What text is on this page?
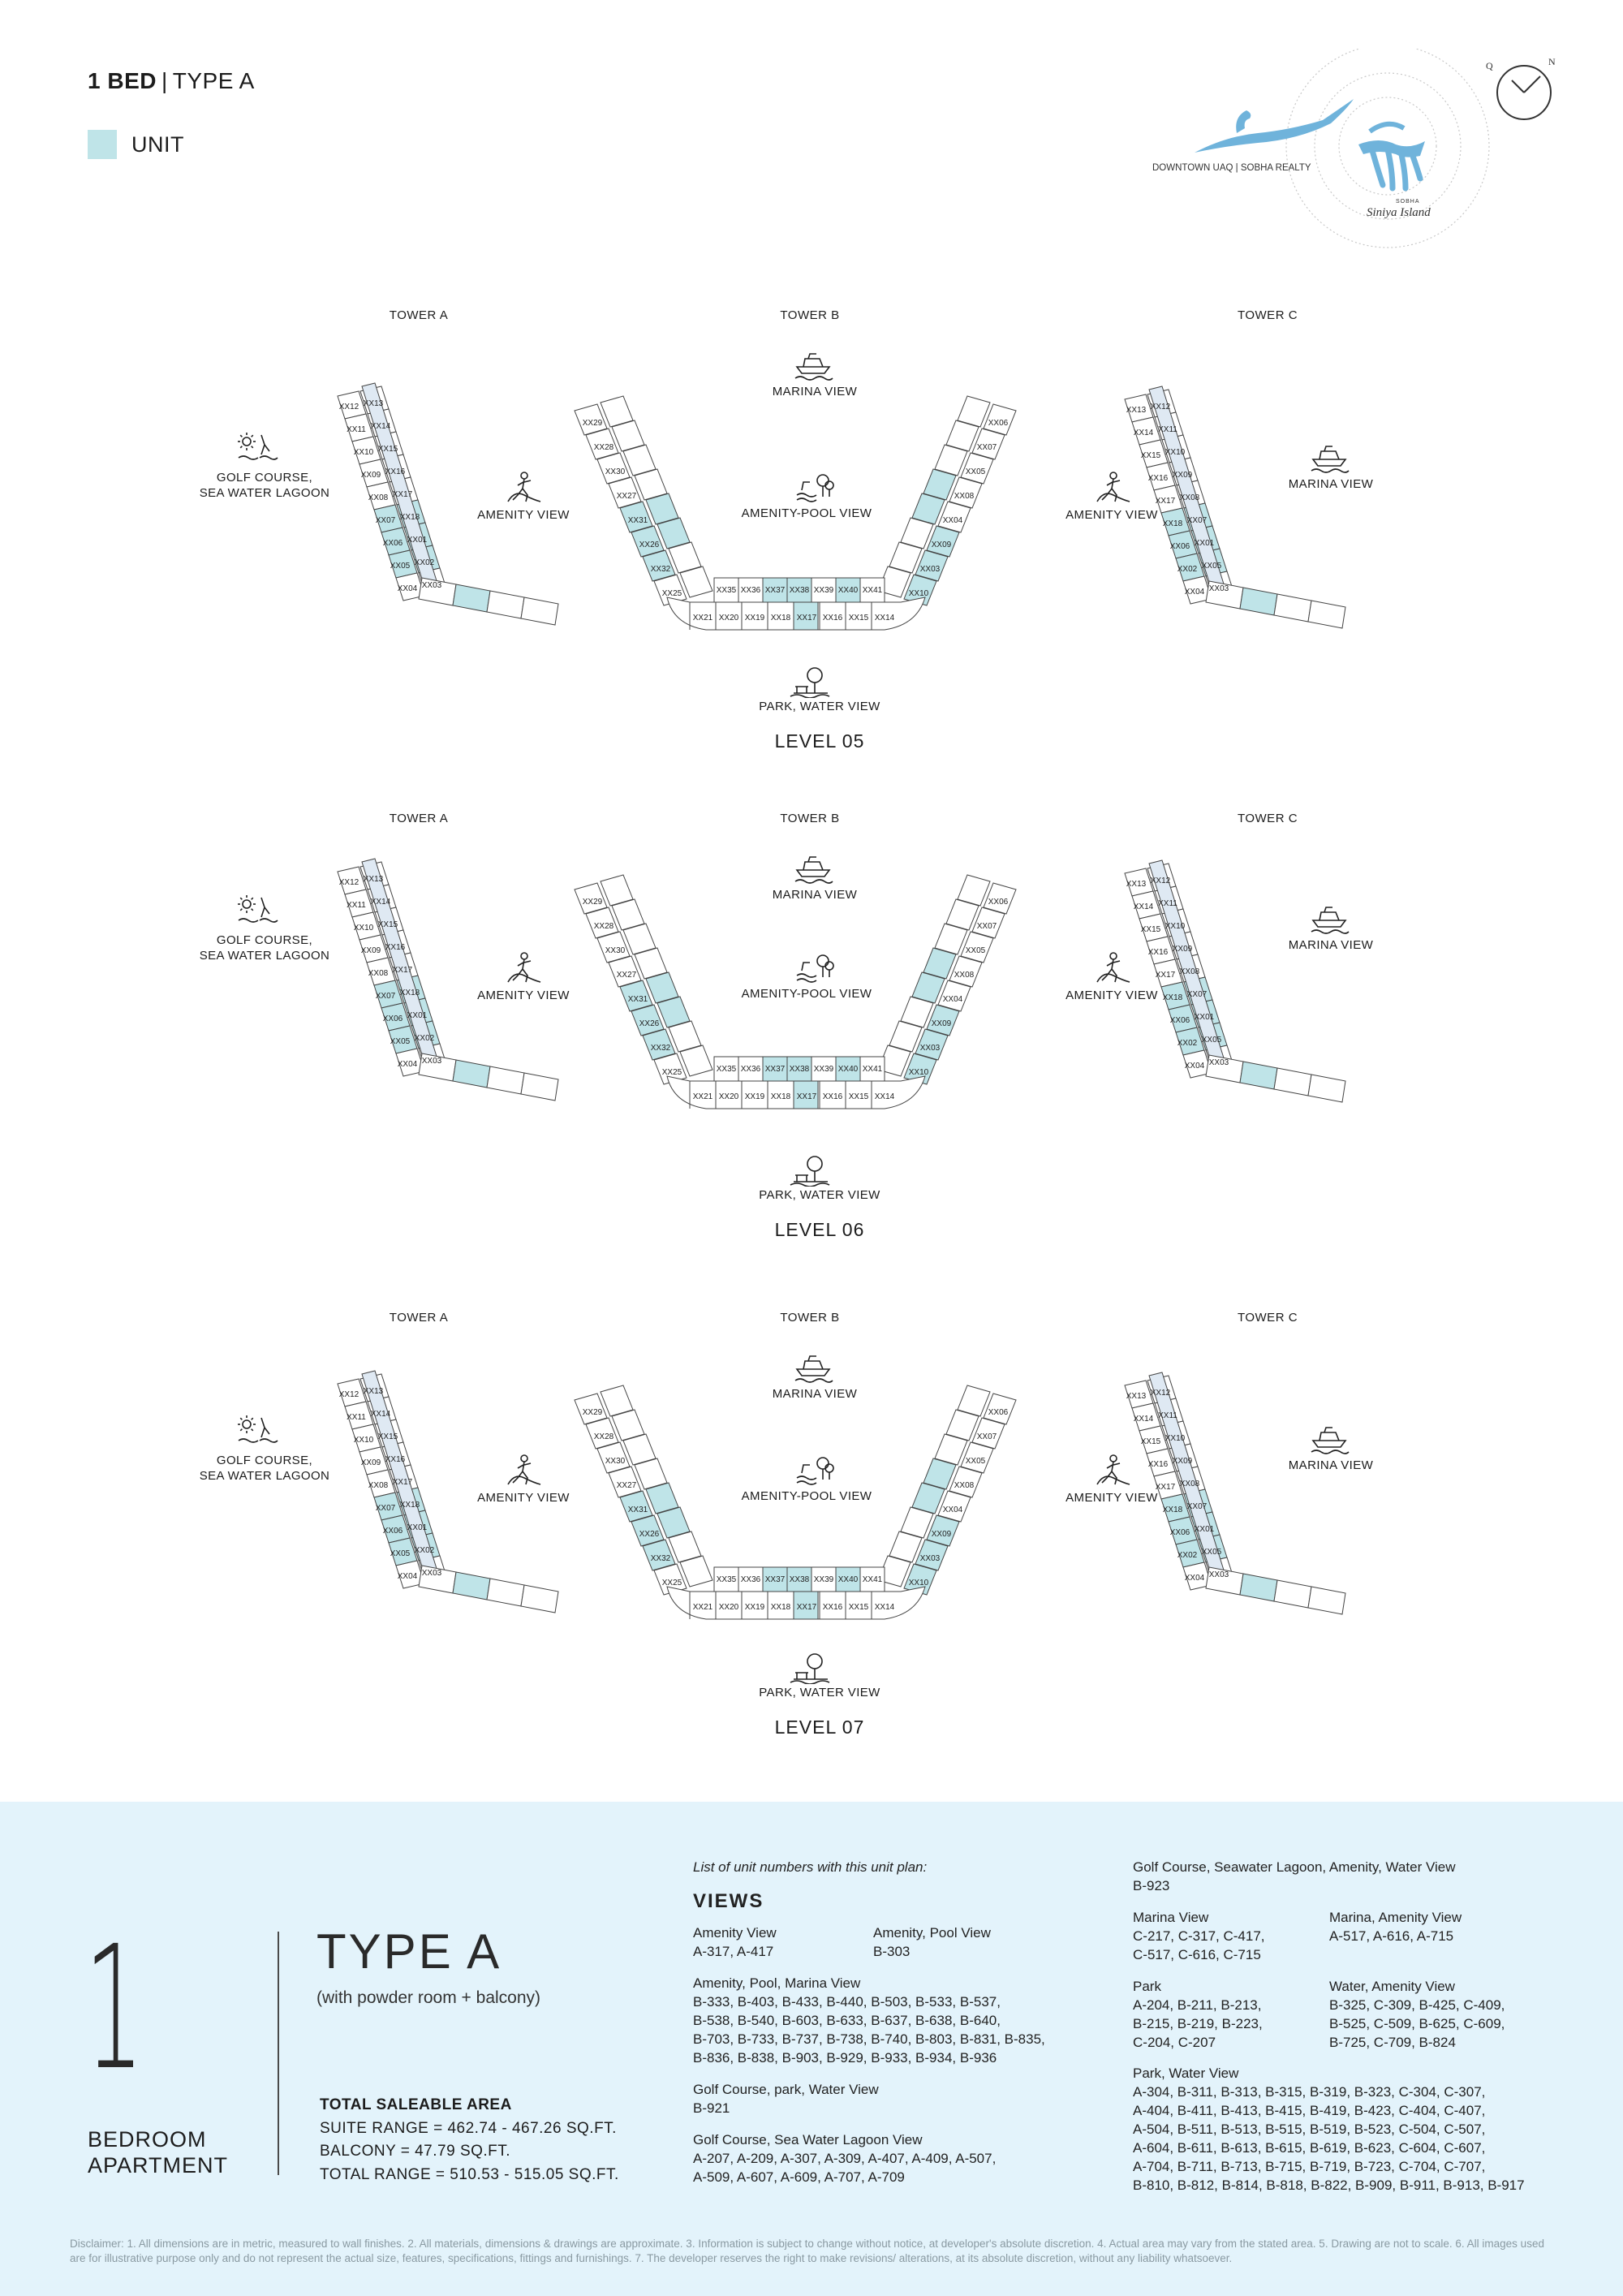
1 BED | TYPE A
UNIT
DOWNTOWN UAQ | SOBHA REALTY
SOBHA
Siniya Island
Q	N
TOWER A	TOWER B	TOWER C
XX12 XX13
XX11 XX14
XX10 XX15
XX09 XX16
XX08 XX17
XX07 XX18
XX06 XX01
XX05 XX02
XX04 XX03
XX29
XX28
XX30
XX27
XX31
XX26
XX32
XX25	XX35 XX36 XX37 XX38 XX39 XX40 XX41
XX21 XX20 XX19 XX18 XX17 XX16 XX15 XX14
XX06
XX07
XX05
XX08
XX04
XX09
XX03
XX10
XX13 XX12
XX14 XX11
XX15 XX10
XX16 XX09
XX17 XX08
XX18 XX07
XX06 XX01
XX02 XX05
XX04 XX03
GOLF COURSE,
SEA WATER LAGOON
AMENITY VIEW
MARINA VIEW
AMENITY-POOL VIEW	AMENITY VIEW
MARINA VIEW
PARK, WATER VIEW
LEVEL 05
TOWER A	TOWER B	TOWER C
XX12 XX13
XX11 XX14
XX10 XX15
XX09 XX16
XX08 XX17
XX07 XX18
XX06 XX01
XX05 XX02
XX04 XX03
XX29
XX28
XX30
XX27
XX31
XX26
XX32
XX25	XX35 XX36 XX37 XX38 XX39 XX40 XX41
XX21 XX20 XX19 XX18 XX17 XX16 XX15 XX14
XX06
XX07
XX05
XX08
XX04
XX09
XX03
XX10
XX13 XX12
XX14 XX11
XX15 XX10
XX16 XX09
XX17 XX08
XX18 XX07
XX06 XX01
XX02 XX05
XX04 XX03
GOLF COURSE,
SEA WATER LAGOON
AMENITY VIEW
MARINA VIEW
AMENITY-POOL VIEW	AMENITY VIEW
MARINA VIEW
PARK, WATER VIEW
LEVEL 06
TOWER A	TOWER B	TOWER C
XX12 XX13
XX11 XX14
XX10 XX15
XX09 XX16
XX08 XX17
XX07 XX18
XX06 XX01
XX05 XX02
XX04 XX03
XX29
XX28
XX30
XX27
XX31
XX26
XX32
XX25	XX35 XX36 XX37 XX38 XX39 XX40 XX41
XX21 XX20 XX19 XX18 XX17 XX16 XX15 XX14
XX06
XX07
XX05
XX08
XX04
XX09
XX03
XX10
XX13 XX12
XX14 XX11
XX15 XX10
XX16 XX09
XX17 XX08
XX18 XX07
XX06 XX01
XX02 XX05
XX04 XX03
GOLF COURSE,
SEA WATER LAGOON
AMENITY VIEW
MARINA VIEW
AMENITY-POOL VIEW	AMENITY VIEW
MARINA VIEW
PARK, WATER VIEW
LEVEL 07
1
BEDROOM
APARTMENT
TYPE A
(with powder room + balcony)
TOTAL SALEABLE AREA
SUITE RANGE = 462.74 - 467.26 SQ.FT.
BALCONY = 47.79 SQ.FT.
TOTAL RANGE = 510.53 - 515.05 SQ.FT.
List of unit numbers with this unit plan:
VIEWS
Amenity View
A-317, A-417
Amenity, Pool View
B-303
Amenity, Pool, Marina View
B-333, B-403, B-433, B-440, B-503, B-533, B-537,
B-538, B-540, B-603, B-633, B-637, B-638, B-640,
B-703, B-733, B-737, B-738, B-740, B-803, B-831, B-835,
B-836, B-838, B-903, B-929, B-933, B-934, B-936
Golf Course, park, Water View
B-921
Golf Course, Sea Water Lagoon View
A-207, A-209, A-307, A-309, A-407, A-409, A-507,
A-509, A-607, A-609, A-707, A-709
Golf Course, Seawater Lagoon, Amenity, Water View
B-923
Marina View
C-217, C-317, C-417,
C-517, C-616, C-715
Marina, Amenity View
A-517, A-616, A-715
Park
A-204, B-211, B-213,
B-215, B-219, B-223,
C-204, C-207
Water, Amenity View
B-325, C-309, B-425, C-409,
B-525, C-509, B-625, C-609,
B-725, C-709, B-824
Park, Water View
A-304, B-311, B-313, B-315, B-319, B-323, C-304, C-307,
A-404, B-411, B-413, B-415, B-419, B-423, C-404, C-407,
A-504, B-511, B-513, B-515, B-519, B-523, C-504, C-507,
A-604, B-611, B-613, B-615, B-619, B-623, C-604, C-607,
A-704, B-711, B-713, B-715, B-719, B-723, C-704, C-707,
B-810, B-812, B-814, B-818, B-822, B-909, B-911, B-913, B-917
Disclaimer: 1. All dimensions are in metric, measured to wall finishes. 2. All materials, dimensions & drawings are approximate. 3. Information is subject to change without notice, at developer's absolute discretion. 4. Actual area may vary from the stated area. 5. Drawing are not to scale. 6. All images used are for illustrative purpose only and do not represent the actual size, features, specifications, fittings and furnishings. 7. The developer reserves the right to make revisions/ alterations, at its absolute discretion, without any liability whatsoever.
